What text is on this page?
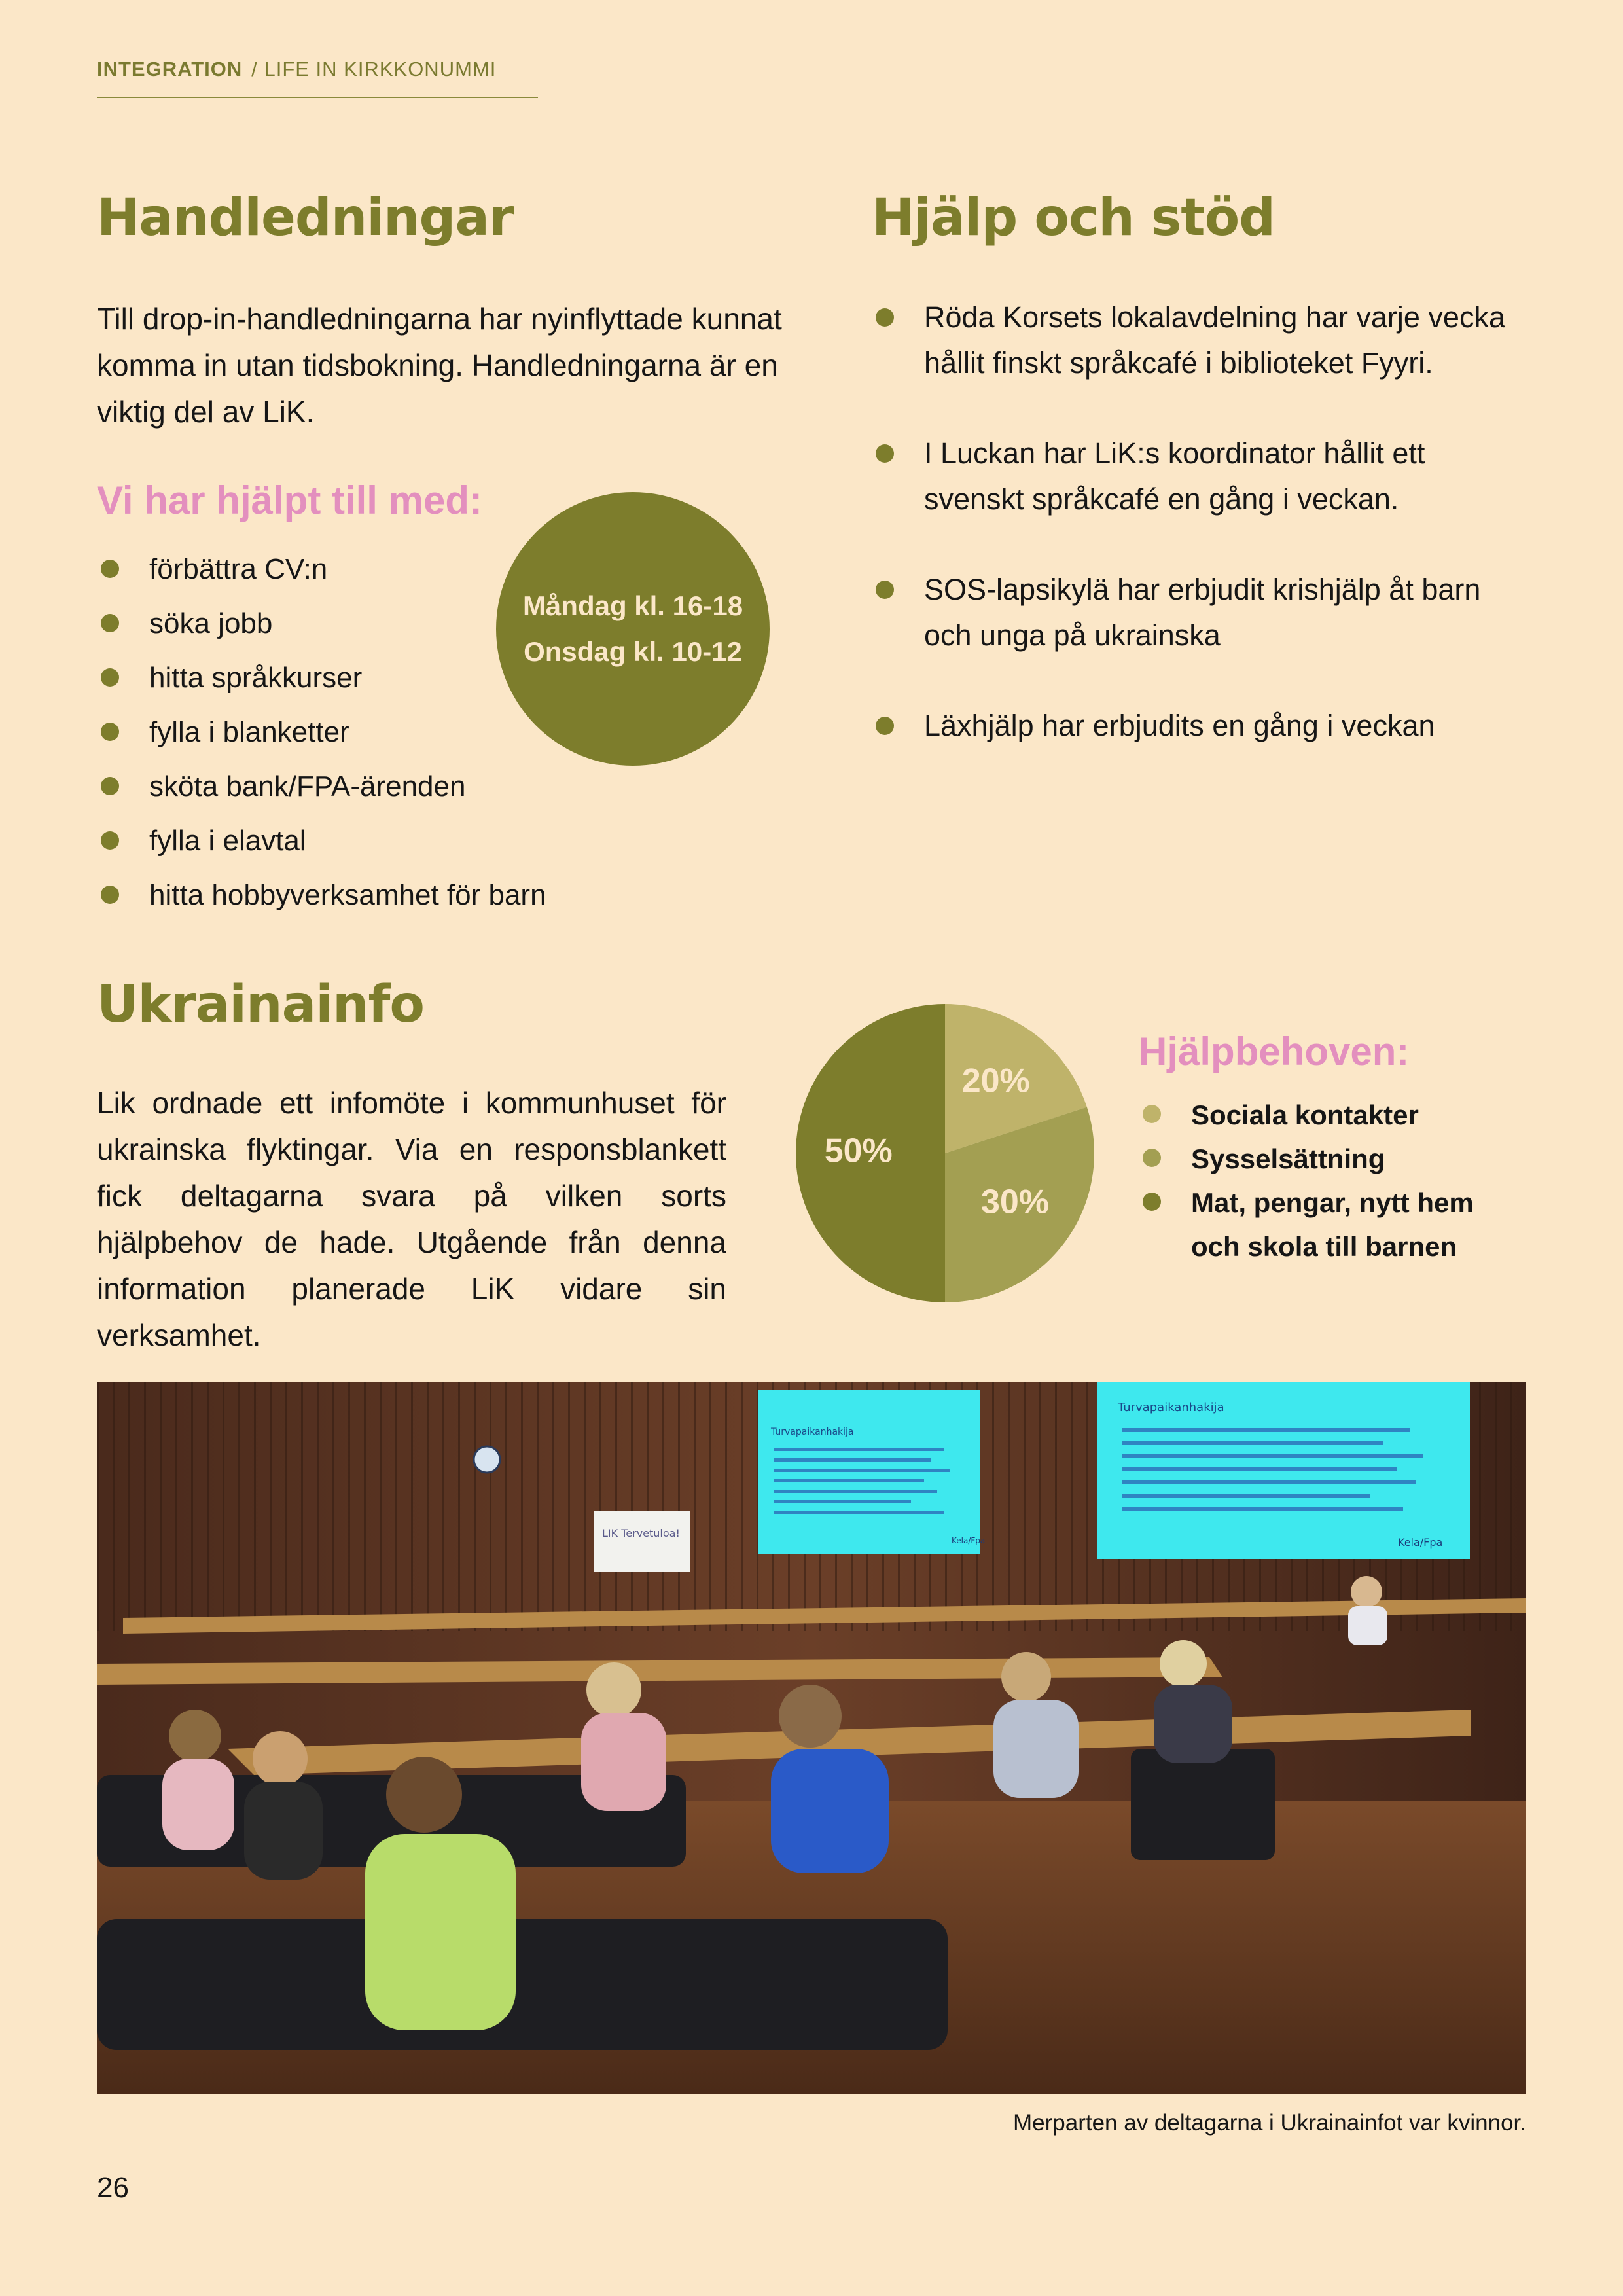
INTEGRATION / LIFE IN KIRKKONUMMI
Handledningar
Till drop-in-handledningarna har nyinflyttade kunnat komma in utan tidsbokning. Handledningarna är en viktig del av LiK.
Vi har hjälpt till med:
förbättra CV:n
söka jobb
hitta språkkurser
fylla i blanketter
sköta bank/FPA-ärenden
fylla i elavtal
hitta hobbyverksamhet för barn
Måndag kl. 16-18
Onsdag kl. 10-12
Hjälp och stöd
Röda Korsets lokalavdelning har varje vecka hållit finskt språkcafé i biblioteket Fyyri.
I Luckan har LiK:s koordinator hållit ett svenskt språkcafé en gång i veckan.
SOS-lapsikylä har erbjudit krishjälp åt barn och unga på ukrainska
Läxhjälp har erbjudits en gång i veckan
Ukrainainfo
Lik ordnade ett infomöte i kommunhuset för ukrainska flyktingar. Via en responsblankett fick deltagarna svara på vilken sorts hjälpbehov de hade. Utgående från denna information planerade LiK vidare sin verksamhet.
20%
30%
50%
Hjälpbehoven:
Sociala kontakter
Sysselsättning
Mat, pengar, nytt hem och skola till barnen
LIK Tervetuloa!
Turvapaikanhakija
Kela/Fpa
Turvapaikanhakija
Kela/Fpa
Merparten av deltagarna i Ukrainainfot var kvinnor.
26
